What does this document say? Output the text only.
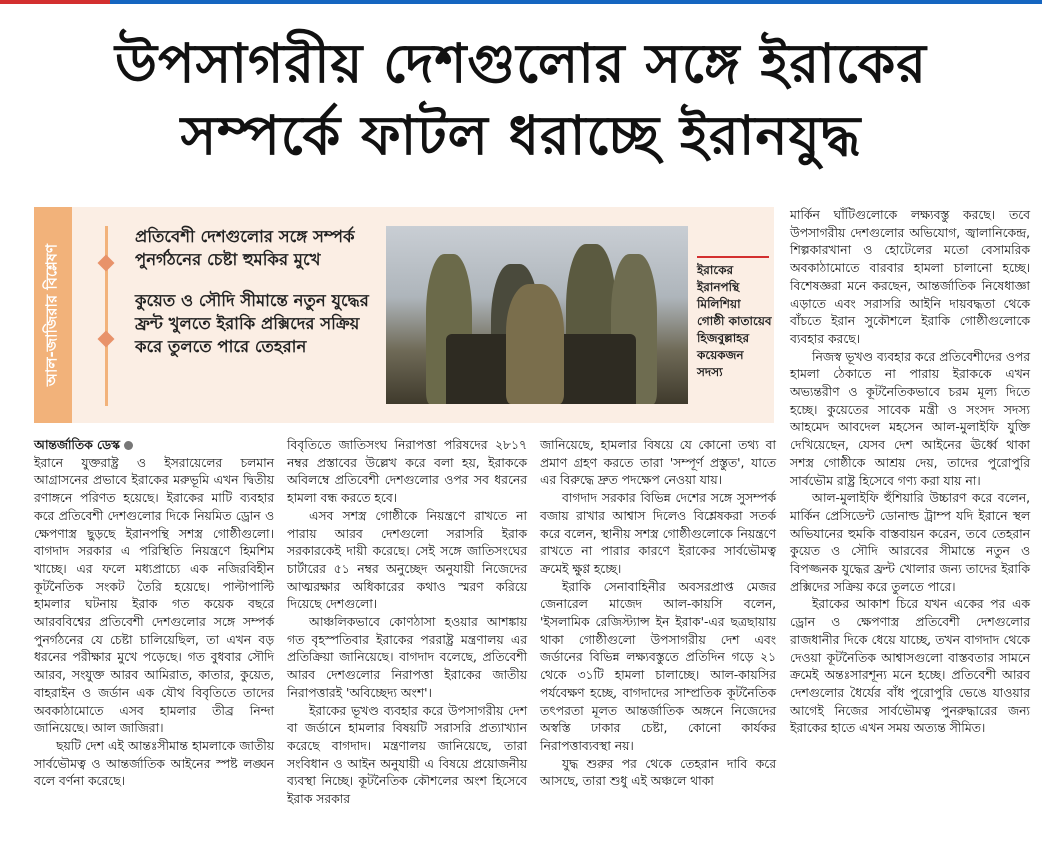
উপসাগরীয় দেশগুলোর সঙ্গে ইরাকের
সম্পর্কে ফাটল ধরাচ্ছে ইরানযুদ্ধ
আল-জাজিরার বিশ্লেষণ

প্রতিবেশী দেশগুলোর সঙ্গে সম্পর্ক পুনর্গঠনের চেষ্টা হুমকির মুখে

কুয়েত ও সৌদি সীমান্তে নতুন যুদ্ধের ফ্রন্ট খুলতে ইরাকি প্রক্সিদের সক্রিয় করে তুলতে পারে তেহরান

ইরাকের ইরানপন্থি মিলিশিয়া গোষ্ঠী কাতায়েব হিজবুল্লাহর কয়েকজন সদস্য

আন্তর্জাতিক ডেস্ক

ইরানে যুক্তরাষ্ট্র ও ইসরায়েলের চলমান আগ্রাসনের প্রভাবে ইরাকের মরুভূমি এখন দ্বিতীয় রণাঙ্গনে পরিণত হয়েছে। ইরাকের মাটি ব্যবহার করে প্রতিবেশী দেশগুলোর দিকে নিয়মিত ড্রোন ও ক্ষেপণাস্ত্র ছুড়ছে ইরানপন্থি সশস্ত্র গোষ্ঠীগুলো। বাগদাদ সরকার এ পরিস্থিতি নিয়ন্ত্রণে হিমশিম খাচ্ছে। এর ফলে মধ্যপ্রাচ্যে এক নজিরবিহীন কূটনৈতিক সংকট তৈরি হয়েছে। পাল্টাপাল্টি হামলার ঘটনায় ইরাক গত কয়েক বছরে আরববিশ্বের প্রতিবেশী দেশগুলোর সঙ্গে সম্পর্ক পুনর্গঠনের যে চেষ্টা চালিয়েছিল, তা এখন বড় ধরনের পরীক্ষার মুখে পড়েছে। গত বুধবার সৌদি আরব, সংযুক্ত আরব আমিরাত, কাতার, কুয়েত, বাহরাইন ও জর্ডান এক যৌথ বিবৃতিতে তাদের অবকাঠামোতে এসব হামলার তীব্র নিন্দা জানিয়েছে। আল জাজিরা।

ছয়টি দেশ এই আন্তঃসীমান্ত হামলাকে জাতীয় সার্বভৌমত্ব ও আন্তর্জাতিক আইনের স্পষ্ট লঙ্ঘন বলে বর্ণনা করেছে।

বিবৃতিতে জাতিসংঘ নিরাপত্তা পরিষদের ২৮১৭ নম্বর প্রস্তাবের উল্লেখ করে বলা হয়, ইরাককে অবিলম্বে প্রতিবেশী দেশগুলোর ওপর সব ধরনের হামলা বন্ধ করতে হবে।

এসব সশস্ত্র গোষ্ঠীকে নিয়ন্ত্রণে রাখতে না পারায় আরব দেশগুলো সরাসরি ইরাক সরকারকেই দায়ী করেছে। সেই সঙ্গে জাতিসংঘের চার্টারের ৫১ নম্বর অনুচ্ছেদ অনুযায়ী নিজেদের আত্মরক্ষার অধিকারের কথাও স্মরণ করিয়ে দিয়েছে দেশগুলো।

আঞ্চলিকভাবে কোণঠাসা হওয়ার আশঙ্কায় গত বৃহস্পতিবার ইরাকের পররাষ্ট্র মন্ত্রণালয় এর প্রতিক্রিয়া জানিয়েছে। বাগদাদ বলেছে, প্রতিবেশী আরব দেশগুলোর নিরাপত্তা ইরাকের জাতীয় নিরাপত্তারই 'অবিচ্ছেদ্য অংশ'।

ইরাকের ভূখণ্ড ব্যবহার করে উপসাগরীয় দেশ বা জর্ডানে হামলার বিষয়টি সরাসরি প্রত্যাখ্যান করেছে বাগদাদ। মন্ত্রণালয় জানিয়েছে, তারা সংবিধান ও আইন অনুযায়ী এ বিষয়ে প্রয়োজনীয় ব্যবস্থা নিচ্ছে। কূটনৈতিক কৌশলের অংশ হিসেবে ইরাক সরকার

জানিয়েছে, হামলার বিষয়ে যে কোনো তথ্য বা প্রমাণ গ্রহণ করতে তারা 'সম্পূর্ণ প্রস্তুত', যাতে এর বিরুদ্ধে দ্রুত পদক্ষেপ নেওয়া যায়।

বাগদাদ সরকার বিভিন্ন দেশের সঙ্গে সুসম্পর্ক বজায় রাখার আশ্বাস দিলেও বিশ্লেষকরা সতর্ক করে বলেন, স্থানীয় সশস্ত্র গোষ্ঠীগুলোকে নিয়ন্ত্রণে রাখতে না পারার কারণে ইরাকের সার্বভৌমত্ব ক্রমেই ক্ষুণ্ণ হচ্ছে।

ইরাকি সেনাবাহিনীর অবসরপ্রাপ্ত মেজর জেনারেল মাজেদ আল-কায়সি বলেন, 'ইসলামিক রেজিস্ট্যান্স ইন ইরাক'-এর ছত্রছায়ায় থাকা গোষ্ঠীগুলো উপসাগরীয় দেশ এবং জর্ডানের বিভিন্ন লক্ষ্যবস্তুতে প্রতিদিন গড়ে ২১ থেকে ৩১টি হামলা চালাচ্ছে। আল-কায়সির পর্যবেক্ষণ হচ্ছে, বাগদাদের সাম্প্রতিক কূটনৈতিক তৎপরতা মূলত আন্তর্জাতিক অঙ্গনে নিজেদের অস্বস্তি ঢাকার চেষ্টা, কোনো কার্যকর নিরাপত্তাব্যবস্থা নয়।

যুদ্ধ শুরুর পর থেকে তেহরান দাবি করে আসছে, তারা শুধু এই অঞ্চলে থাকা

মার্কিন ঘাঁটিগুলোকে লক্ষ্যবস্তু করছে। তবে উপসাগরীয় দেশগুলোর অভিযোগ, জ্বালানিকেন্দ্র, শিল্পকারখানা ও হোটেলের মতো বেসামরিক অবকাঠামোতে বারবার হামলা চালানো হচ্ছে। বিশেষজ্ঞরা মনে করছেন, আন্তর্জাতিক নিষেধাজ্ঞা এড়াতে এবং সরাসরি আইনি দায়বদ্ধতা থেকে বাঁচতে ইরান সুকৌশলে ইরাকি গোষ্ঠীগুলোকে ব্যবহার করছে।

নিজস্ব ভূখণ্ড ব্যবহার করে প্রতিবেশীদের ওপর হামলা ঠেকাতে না পারায় ইরাককে এখন অভ্যন্তরীণ ও কূটনৈতিকভাবে চরম মূল্য দিতে হচ্ছে। কুয়েতের সাবেক মন্ত্রী ও সংসদ সদস্য আহমেদ আবদেল মহসেন আল-মুলাইফি যুক্তি দেখিয়েছেন, যেসব দেশ আইনের ঊর্ধ্বে থাকা সশস্ত্র গোষ্ঠীকে আশ্রয় দেয়, তাদের পুরোপুরি সার্বভৌম রাষ্ট্র হিসেবে গণ্য করা যায় না।

আল-মুলাইফি হুঁশিয়ারি উচ্চারণ করে বলেন, মার্কিন প্রেসিডেন্ট ডোনাল্ড ট্রাম্প যদি ইরানে স্থল অভিযানের হুমকি বাস্তবায়ন করেন, তবে তেহরান কুয়েত ও সৌদি আরবের সীমান্তে নতুন ও বিপজ্জনক যুদ্ধের ফ্রন্ট খোলার জন্য তাদের ইরাকি প্রক্সিদের সক্রিয় করে তুলতে পারে।

ইরাকের আকাশ চিরে যখন একের পর এক ড্রোন ও ক্ষেপণাস্ত্র প্রতিবেশী দেশগুলোর রাজধানীর দিকে ধেয়ে যাচ্ছে, তখন বাগদাদ থেকে দেওয়া কূটনৈতিক আশ্বাসগুলো বাস্তবতার সামনে ক্রমেই অন্তঃসারশূন্য মনে হচ্ছে। প্রতিবেশী আরব দেশগুলোর ধৈর্যের বাঁধ পুরোপুরি ভেঙে যাওয়ার আগেই নিজের সার্বভৌমত্ব পুনরুদ্ধারের জন্য ইরাকের হাতে এখন সময় অত্যন্ত সীমিত।
